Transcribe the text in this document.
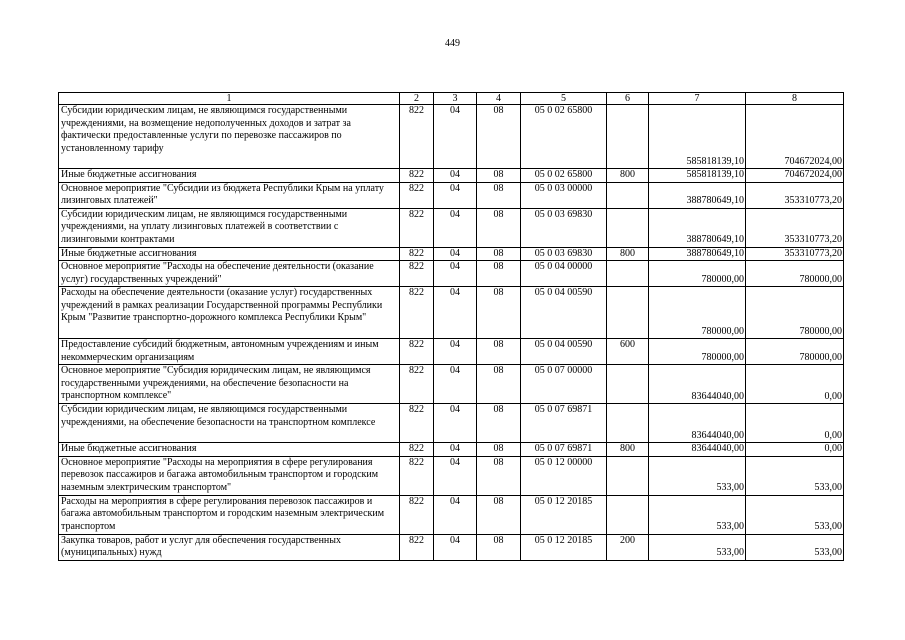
449
1	2	3	4	5	6	7	8
Субсидии юридическим лицам, не являющимся государственными учреждениями, на возмещение недополученных доходов и затрат за фактически предоставленные услуги по перевозке пассажиров по установленному тарифу	822	04	08	05 0 02 65800		585818139,10	704672024,00
Иные бюджетные ассигнования	822	04	08	05 0 02 65800	800	585818139,10	704672024,00
Основное мероприятие "Субсидии из бюджета Республики Крым на уплату лизинговых платежей"	822	04	08	05 0 03 00000		388780649,10	353310773,20
Субсидии юридическим лицам, не являющимся государственными учреждениями, на уплату лизинговых платежей в соответствии с лизинговыми контрактами	822	04	08	05 0 03 69830		388780649,10	353310773,20
Иные бюджетные ассигнования	822	04	08	05 0 03 69830	800	388780649,10	353310773,20
Основное мероприятие "Расходы на обеспечение деятельности (оказание услуг) государственных учреждений"	822	04	08	05 0 04 00000		780000,00	780000,00
Расходы на обеспечение деятельности (оказание услуг) государственных учреждений в рамках реализации Государственной программы Республики Крым "Развитие транспортно-дорожного комплекса Республики Крым"	822	04	08	05 0 04 00590		780000,00	780000,00
Предоставление субсидий бюджетным, автономным учреждениям и иным некоммерческим организациям	822	04	08	05 0 04 00590	600	780000,00	780000,00
Основное мероприятие "Субсидия юридическим лицам, не являющимся государственными учреждениями, на обеспечение безопасности на транспортном комплексе"	822	04	08	05 0 07 00000		83644040,00	0,00
Субсидии юридическим лицам, не являющимся государственными учреждениями, на обеспечение безопасности на транспортном комплексе	822	04	08	05 0 07 69871		83644040,00	0,00
Иные бюджетные ассигнования	822	04	08	05 0 07 69871	800	83644040,00	0,00
Основное мероприятие "Расходы на мероприятия в сфере регулирования перевозок пассажиров и багажа автомобильным транспортом и городским наземным электрическим транспортом"	822	04	08	05 0 12 00000		533,00	533,00
Расходы на мероприятия в сфере регулирования перевозок пассажиров и багажа автомобильным транспортом и городским наземным электрическим транспортом	822	04	08	05 0 12 20185		533,00	533,00
Закупка товаров, работ и услуг для обеспечения государственных (муниципальных) нужд	822	04	08	05 0 12 20185	200	533,00	533,00
